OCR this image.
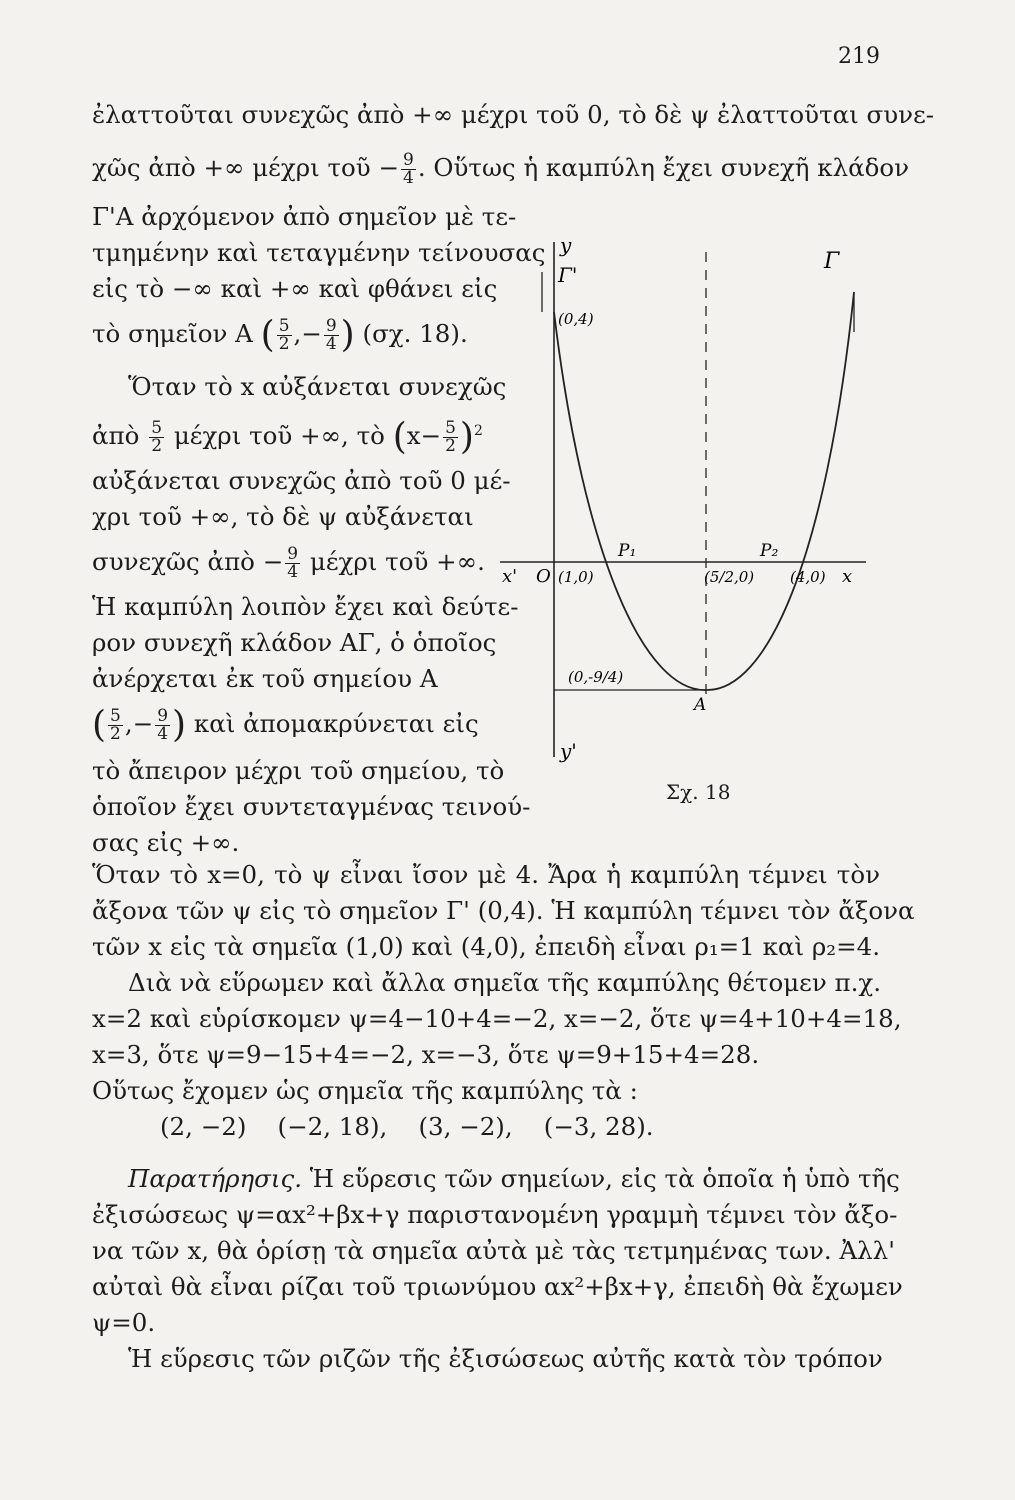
219
ἐλαττοῦται συνεχῶς ἀπὸ +∞ μέχρι τοῦ 0, τὸ δὲ ψ ἐλαττοῦται συνε-
χῶς ἀπὸ +∞ μέχρι τοῦ − $\frac{9}{4}$ . Οὕτως ἡ καμπύλη ἔχει συνεχῆ κλάδον
Γ'Α ἀρχόμενον ἀπὸ σημεῖον μὲ τε-
τμημένην καὶ τεταγμένην τείνουσας
εἰς τὸ −∞ καὶ +∞ καὶ φθάνει εἰς
τὸ σημεῖον Α ( $\frac{5}{2}$ ,− $\frac{9}{4}$ ) (σχ. 18).
Ὅταν τὸ x αὐξάνεται συνεχῶς
ἀπὸ $\frac{5}{2}$ μέχρι τοῦ +∞, τὸ $(x- \frac{5}{2} )^2$
αὐξάνεται συνεχῶς ἀπὸ τοῦ 0 μέ-
χρι τοῦ +∞, τὸ δὲ ψ αὐξάνεται
συνεχῶς ἀπὸ − $\frac{9}{4}$ μέχρι τοῦ +∞.
Ἡ καμπύλη λοιπὸν ἔχει καὶ δεύτε-
ρον συνεχῆ κλάδον ΑΓ, ὁ ὁποῖος
ἀνέρχεται ἐκ τοῦ σημείου Α
( $\frac{5}{2}$ ,− $\frac{9}{4}$ ) καὶ ἀπομακρύνεται εἰς
τὸ ἄπειρον μέχρι τοῦ σημείου, τὸ
ὁποῖον ἔχει συντεταγμένας τεινού-
σας εἰς +∞.
Ὅταν τὸ x=0, τὸ ψ εἶναι ἴσον μὲ 4. Ἄρα ἡ καμπύλη τέμνει τὸν
ἄξονα τῶν ψ εἰς τὸ σημεῖον Γ' (0,4). Ἡ καμπύλη τέμνει τὸν ἄξονα
τῶν x εἰς τὰ σημεῖα (1,0) καὶ (4,0), ἐπειδὴ εἶναι ρ₁=1 καὶ ρ₂=4.
Διὰ νὰ εὕρωμεν καὶ ἄλλα σημεῖα τῆς καμπύλης θέτομεν π.χ.
x=2 καὶ εὑρίσκομεν ψ=4−10+4=−2, x=−2, ὅτε ψ=4+10+4=18,
x=3, ὅτε ψ=9−15+4=−2, x=−3, ὅτε ψ=9+15+4=28.
Οὕτως ἔχομεν ὡς σημεῖα τῆς καμπύλης τὰ :
(2, −2)    (−2, 18),    (3, −2),    (−3, 28).
Παρατήρησις. Ἡ εὕρεσις τῶν σημείων, εἰς τὰ ὁποῖα ἡ ὑπὸ τῆς
ἐξισώσεως ψ=αx²+βx+γ παριστανομένη γραμμὴ τέμνει τὸν ἄξο-
να τῶν x, θὰ ὁρίσῃ τὰ σημεῖα αὐτὰ μὲ τὰς τετμημένας των. Ἀλλ'
αὐταὶ θὰ εἶναι ρίζαι τοῦ τριωνύμου αx²+βx+γ, ἐπειδὴ θὰ ἔχωμεν
ψ=0.
Ἡ εὕρεσις τῶν ριζῶν τῆς ἐξισώσεως αὐτῆς κατὰ τὸν τρόπον
y
Γ'
Γ
(0,4)
x' O (1,0)
P₁	P₂
(5/2,0) (4,0) x
(0,-9/4)
A
y'
Σχ. 18
